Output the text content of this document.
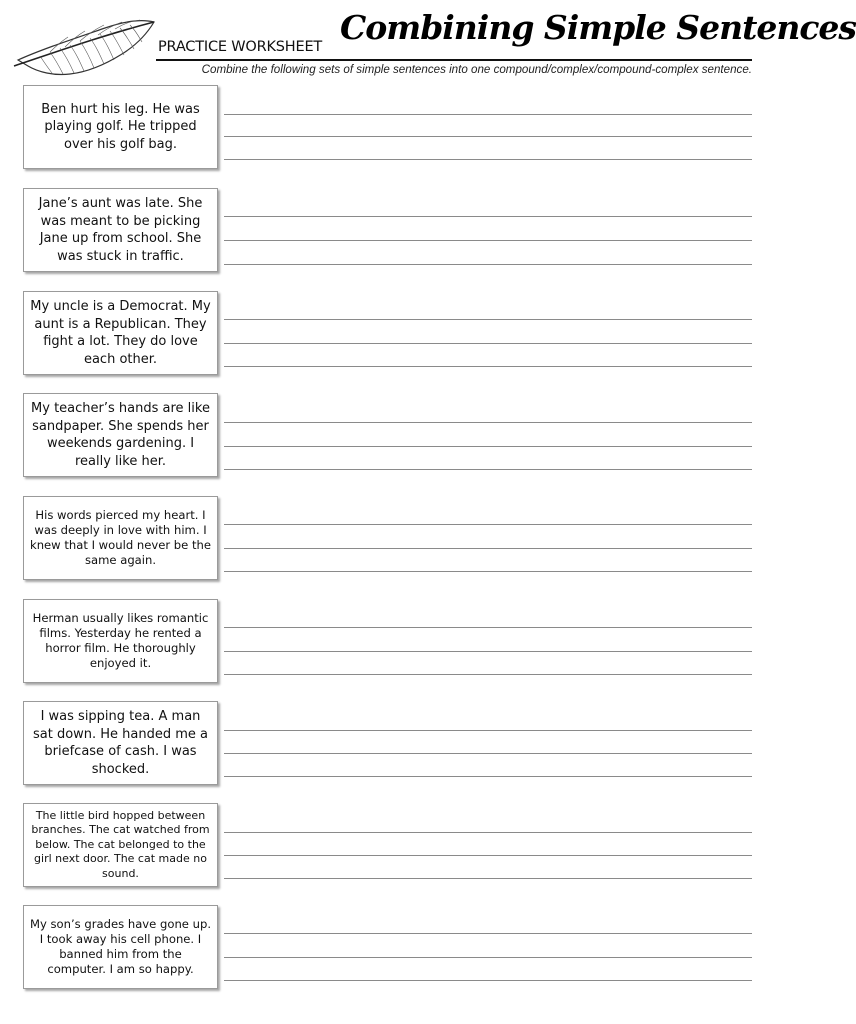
PRACTICE WORKSHEET Combining Simple Sentences
Combine the following sets of simple sentences into one compound/complex/compound-complex sentence.
Ben hurt his leg. He was playing golf. He tripped over his golf bag.
Jane’s aunt was late. She was meant to be picking Jane up from school. She was stuck in traffic.
My uncle is a Democrat. My aunt is a Republican. They fight a lot. They do love each other.
My teacher’s hands are like sandpaper. She spends her weekends gardening. I really like her.
His words pierced my heart. I was deeply in love with him. I knew that I would never be the same again.
Herman usually likes romantic films. Yesterday he rented a horror film. He thoroughly enjoyed it.
I was sipping tea. A man sat down. He handed me a briefcase of cash. I was shocked.
The little bird hopped between branches. The cat watched from below. The cat belonged to the girl next door. The cat made no sound.
My son’s grades have gone up. I took away his cell phone. I banned him from the computer. I am so happy.
